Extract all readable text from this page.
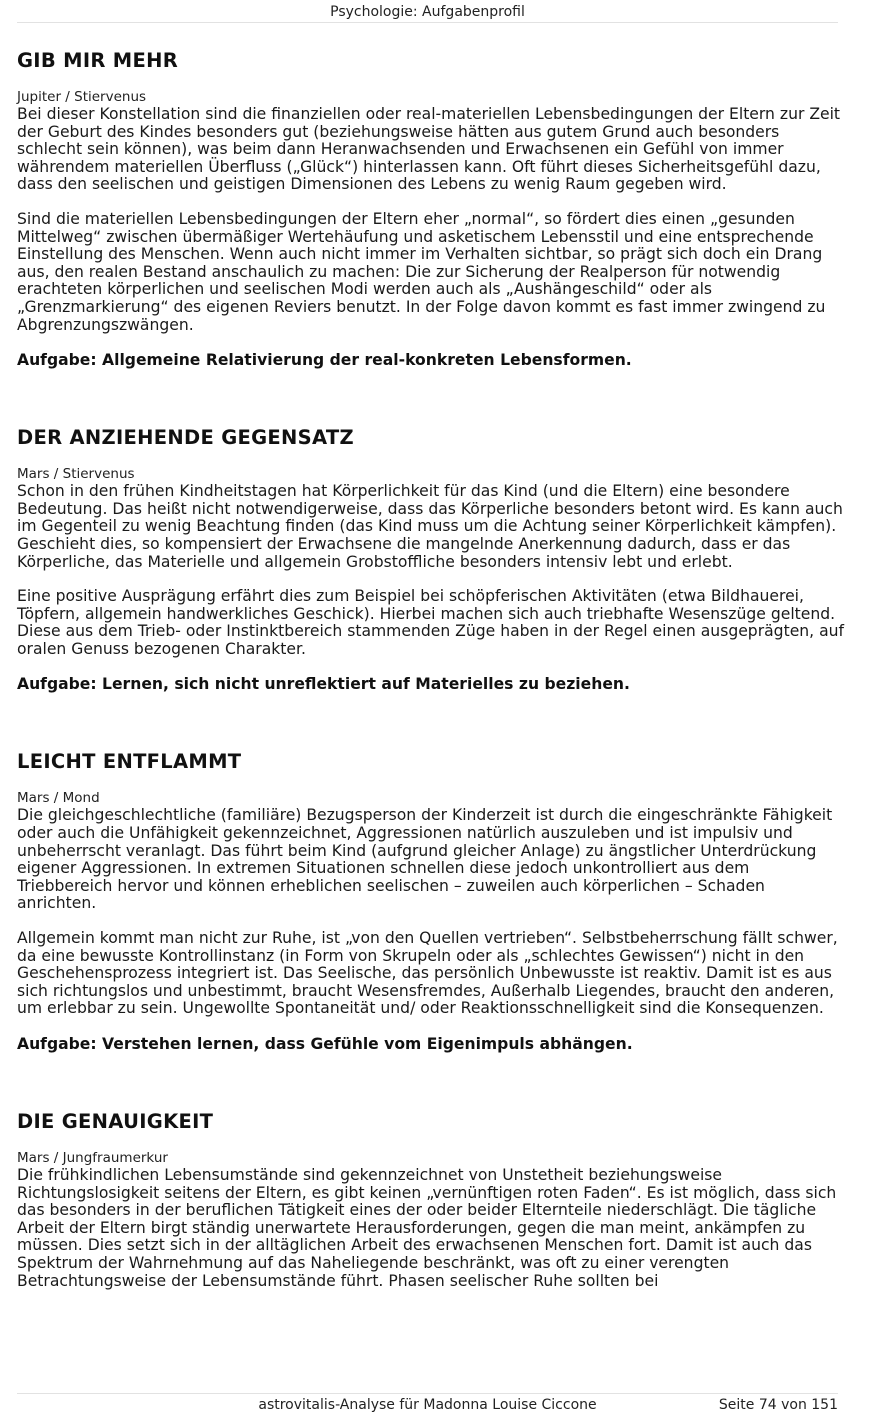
Psychologie: Aufgabenprofil
GIB MIR MEHR

Jupiter / Stiervenus

Bei dieser Konstellation sind die finanziellen oder real-materiellen Lebensbedingungen der Eltern zur Zeit der Geburt des Kindes besonders gut (beziehungsweise hätten aus gutem Grund auch besonders schlecht sein können), was beim dann Heranwachsenden und Erwachsenen ein Gefühl von immer währendem materiellen Überfluss („Glück“) hinterlassen kann. Oft führt dieses Sicherheitsgefühl dazu, dass den seelischen und geistigen Dimensionen des Lebens zu wenig Raum gegeben wird.

Sind die materiellen Lebensbedingungen der Eltern eher „normal“, so fördert dies einen „gesunden Mittelweg“ zwischen übermäßiger Wertehäufung und asketischem Lebensstil und eine entsprechende Einstellung des Menschen. Wenn auch nicht immer im Verhalten sichtbar, so prägt sich doch ein Drang aus, den realen Bestand anschaulich zu machen: Die zur Sicherung der Realperson für notwendig erachteten körperlichen und seelischen Modi werden auch als „Aushängeschild“ oder als „Grenzmarkierung“ des eigenen Reviers benutzt. In der Folge davon kommt es fast immer zwingend zu Abgrenzungszwängen.

Aufgabe: Allgemeine Relativierung der real-konkreten Lebensformen.

DER ANZIEHENDE GEGENSATZ

Mars / Stiervenus

Schon in den frühen Kindheitstagen hat Körperlichkeit für das Kind (und die Eltern) eine besondere Bedeutung. Das heißt nicht notwendigerweise, dass das Körperliche besonders betont wird. Es kann auch im Gegenteil zu wenig Beachtung finden (das Kind muss um die Achtung seiner Körperlichkeit kämpfen). Geschieht dies, so kompensiert der Erwachsene die mangelnde Anerkennung dadurch, dass er das Körperliche, das Materielle und allgemein Grobstoffliche besonders intensiv lebt und erlebt.

Eine positive Ausprägung erfährt dies zum Beispiel bei schöpferischen Aktivitäten (etwa Bildhauerei, Töpfern, allgemein handwerkliches Geschick). Hierbei machen sich auch triebhafte Wesenszüge geltend. Diese aus dem Trieb- oder Instinktbereich stammenden Züge haben in der Regel einen ausgeprägten, auf oralen Genuss bezogenen Charakter.

Aufgabe: Lernen, sich nicht unreflektiert auf Materielles zu beziehen.

LEICHT ENTFLAMMT

Mars / Mond

Die gleichgeschlechtliche (familiäre) Bezugsperson der Kinderzeit ist durch die eingeschränkte Fähigkeit oder auch die Unfähigkeit gekennzeichnet, Aggressionen natürlich auszuleben und ist impulsiv und unbeherrscht veranlagt. Das führt beim Kind (aufgrund gleicher Anlage) zu ängstlicher Unterdrückung eigener Aggressionen. In extremen Situationen schnellen diese jedoch unkontrolliert aus dem Triebbereich hervor und können erheblichen seelischen – zuweilen auch körperlichen – Schaden anrichten.

Allgemein kommt man nicht zur Ruhe, ist „von den Quellen vertrieben“. Selbstbeherrschung fällt schwer, da eine bewusste Kontrollinstanz (in Form von Skrupeln oder als „schlechtes Gewissen“) nicht in den Geschehensprozess integriert ist. Das Seelische, das persönlich Unbewusste ist reaktiv. Damit ist es aus sich richtungslos und unbestimmt, braucht Wesensfremdes, Außerhalb Liegendes, braucht den anderen, um erlebbar zu sein. Ungewollte Spontaneität und/ oder Reaktionsschnelligkeit sind die Konsequenzen.

Aufgabe: Verstehen lernen, dass Gefühle vom Eigenimpuls abhängen.

DIE GENAUIGKEIT

Mars / Jungfraumerkur

Die frühkindlichen Lebensumstände sind gekennzeichnet von Unstetheit beziehungsweise Richtungslosigkeit seitens der Eltern, es gibt keinen „vernünftigen roten Faden“. Es ist möglich, dass sich das besonders in der beruflichen Tätigkeit eines der oder beider Elternteile niederschlägt. Die tägliche Arbeit der Eltern birgt ständig unerwartete Herausforderungen, gegen die man meint, ankämpfen zu müssen. Dies setzt sich in der alltäglichen Arbeit des erwachsenen Menschen fort. Damit ist auch das Spektrum der Wahrnehmung auf das Naheliegende beschränkt, was oft zu einer verengten Betrachtungsweise der Lebensumstände führt. Phasen seelischer Ruhe sollten bei

astrovitalis-Analyse für Madonna Louise Ciccone	Seite 74 von 151
